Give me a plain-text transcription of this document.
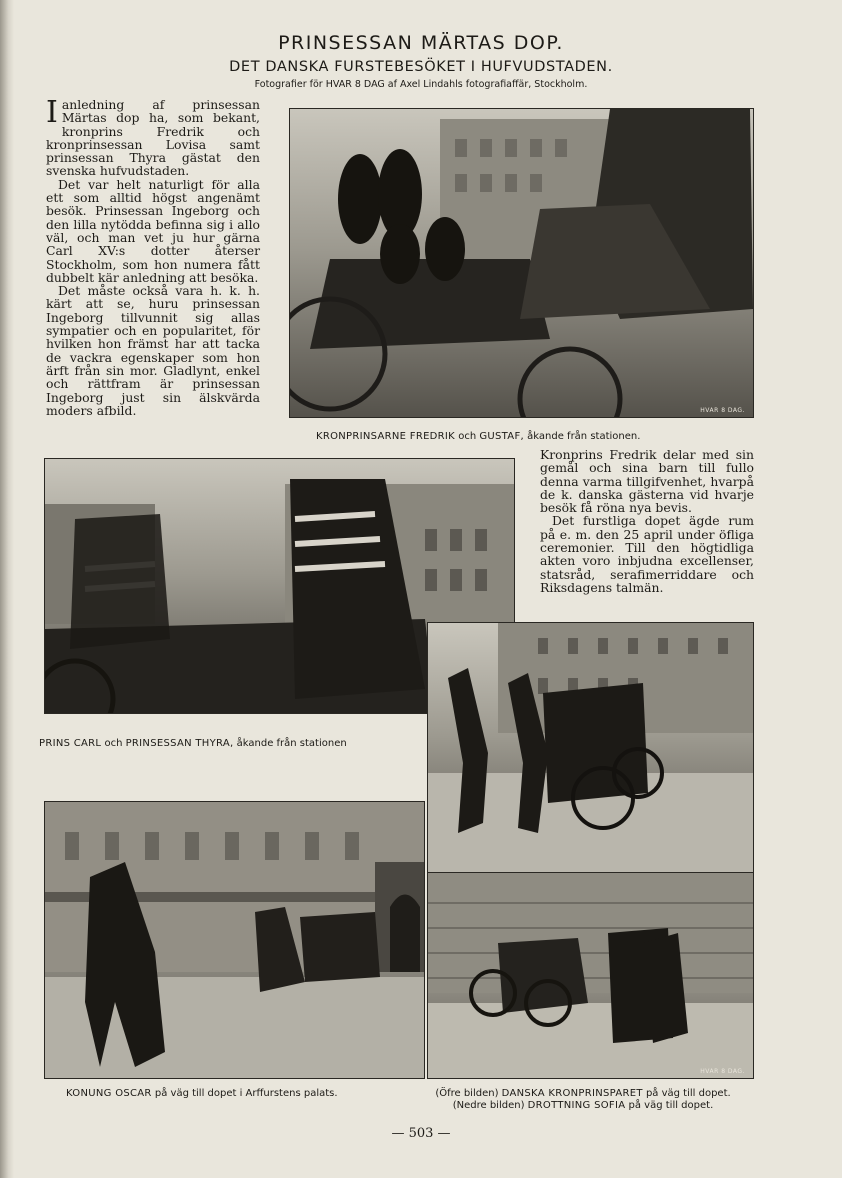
PRINSESSAN MÄRTAS DOP.
DET DANSKA FURSTEBESÖKET I HUFVUDSTADEN.
Fotografier för HVAR 8 DAG af Axel Lindahls fotografiaffär, Stockholm.

Ianledning af prinsessan Märtas dop ha, som bekant, kronprins Fredrik och kronprinsessan Lovisa samt prinsessan Thyra gästat den svenska hufvudstaden.

Det var helt naturligt för alla ett som alltid högst angenämt besök. Prinsessan Ingeborg och den lilla nytödda befinna sig i allo väl, och man vet ju hur gärna Carl XV:s dotter återser Stockholm, som hon numera fått dubbelt kär anledning att besöka.

Det måste också vara h. k. h. kärt att se, huru prinsessan Ingeborg tillvunnit sig allas sympatier och en popularitet, för hvilken hon främst har att tacka de vackra egenskaper som hon ärft från sin mor. Gladlynt, enkel och rättfram är prinsessan Ingeborg just sin älskvärda moders afbild.	HVAR 8 DAG.
KRONPRINSARNE FREDRIK och GUSTAF, åkande från stationen.

Kronprins Fredrik delar med sin gemål och sina barn till fullo denna varma tillgifvenhet, hvarpå de k. danska gästerna vid hvarje besök få röna nya bevis.

Det furstliga dopet ägde rum på e. m. den 25 april under öfliga ceremonier. Till den högtidliga akten voro inbjudna excellenser, statsråd, serafimerriddare och Riksdagens talmän.

PRINS CARL och PRINSESSAN THYRA, åkande från stationen
KONUNG OSCAR på väg till dopet i Arffurstens palats.
HVAR 8 DAG.
(Öfre bilden) DANSKA KRONPRINSPARET på väg till dopet.
(Nedre bilden) DROTTNING SOFIA på väg till dopet.
— 503 —
